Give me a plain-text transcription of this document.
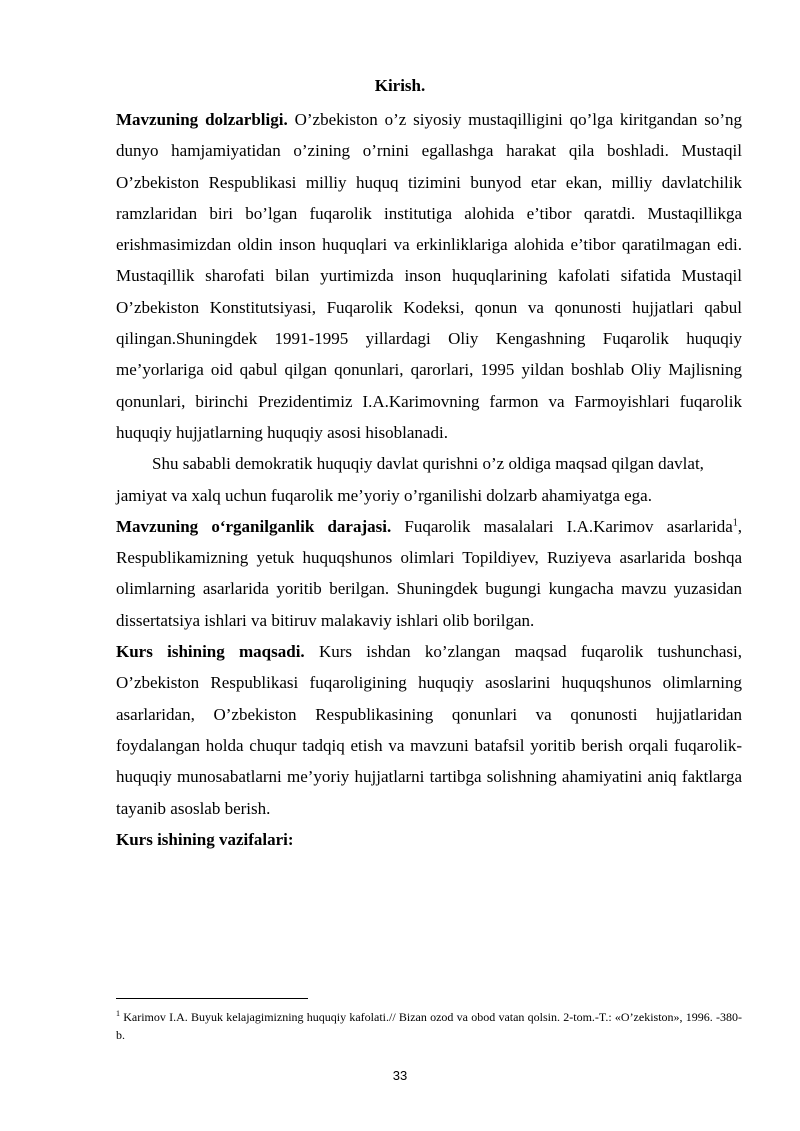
Kirish.

Mavzuning dolzarbligi. O’zbekiston o’z siyosiy mustaqilligini qo’lga kiritgandan so’ng dunyo hamjamiyatidan o’zining o’rnini egallashga harakat qila boshladi. Mustaqil O’zbekiston Respublikasi milliy huquq tizimini bunyod etar ekan, milliy davlatchilik ramzlaridan biri bo’lgan fuqarolik institutiga alohida e’tibor qaratdi. Mustaqillikga erishmasimizdan oldin inson huquqlari va erkinliklariga alohida e’tibor qaratilmagan edi. Mustaqillik sharofati bilan yurtimizda inson huquqlarining kafolati sifatida Mustaqil O’zbekiston Konstitutsiyasi, Fuqarolik Kodeksi, qonun va qonunosti hujjatlari qabul qilingan.Shuningdek 1991-1995 yillardagi Oliy Kengashning Fuqarolik huquqiy me’yorlariga oid qabul qilgan qonunlari, qarorlari, 1995 yildan boshlab Oliy Majlisning qonunlari, birinchi Prezidentimiz I.A.Karimovning farmon va Farmoyishlari fuqarolik huquqiy hujjatlarning huquqiy asosi hisoblanadi.

Shu sababli demokratik huquqiy davlat qurishni o’z oldiga maqsad qilgan davlat, jamiyat va xalq uchun fuqarolik me’yoriy o’rganilishi dolzarb ahamiyatga ega.

Mavzuning o‘rganilganlik darajasi. Fuqarolik masalalari I.A.Karimov asarlarida$^1$, Respublikamizning yetuk huquqshunos olimlari Topildiyev, Ruziyeva asarlarida boshqa olimlarning asarlarida yoritib berilgan. Shuningdek bugungi kungacha mavzu yuzasidan dissertatsiya ishlari va bitiruv malakaviy ishlari olib borilgan.

Kurs ishining maqsadi. Kurs ishdan ko’zlangan maqsad fuqarolik tushunchasi, O’zbekiston Respublikasi fuqaroligining huquqiy asoslarini huquqshunos olimlarning asarlaridan, O’zbekiston Respublikasining qonunlari va qonunosti hujjatlaridan foydalangan holda chuqur tadqiq etish va mavzuni batafsil yoritib berish orqali fuqarolik-huquqiy munosabatlarni me’yoriy hujjatlarni tartibga solishning ahamiyatini aniq faktlarga tayanib asoslab berish.

Kurs ishining vazifalari:

$^1$ Karimov I.A. Buyuk kelajagimizning huquqiy kafolati.// Bizan ozod va obod vatan qolsin. 2-tom.-T.: «O’zekiston», 1996. -380-b.
33
